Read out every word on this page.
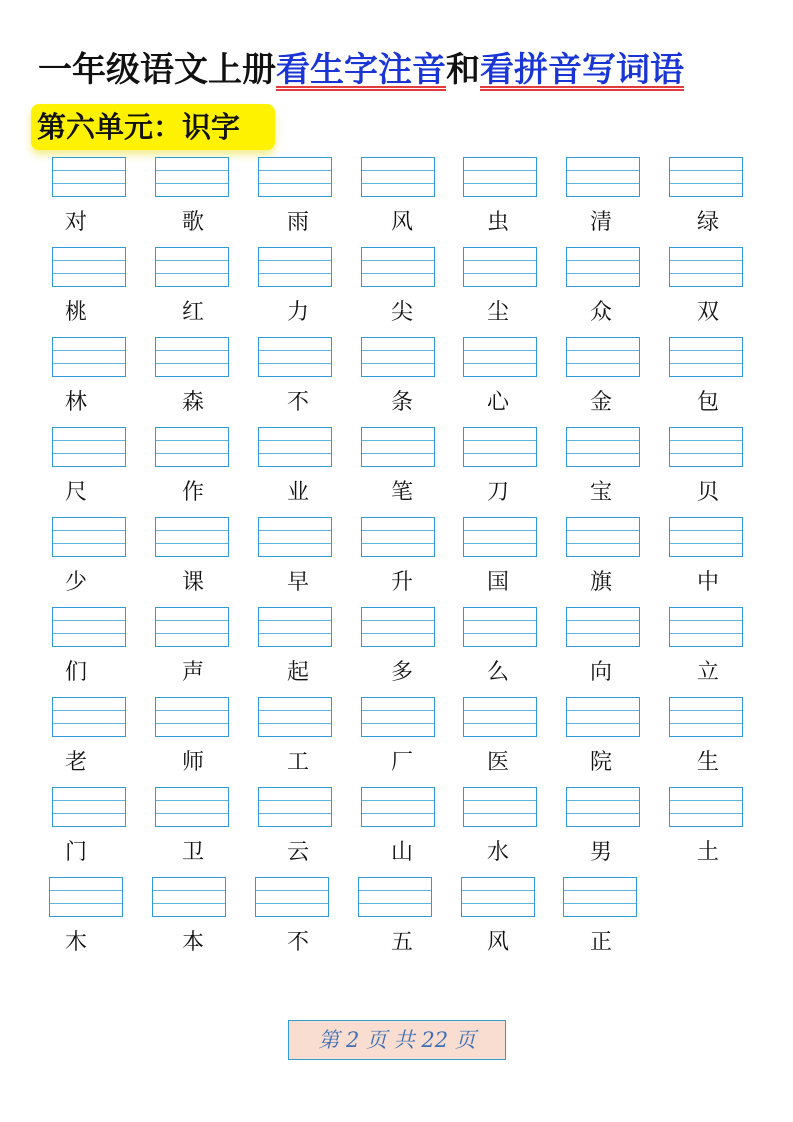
一年级语文上册看生字注音和看拼音写词语
第六单元：识字
对	歌	雨	风	虫	清	绿
桃	红	力	尖	尘	众	双
林	森	不	条	心	金	包
尺	作	业	笔	刀	宝	贝
少	课	早	升	国	旗	中
们	声	起	多	么	向	立
老	师	工	厂	医	院	生
门	卫	云	山	水	男	土
木	本	不	五	风	正
第 2 页 共 22 页
